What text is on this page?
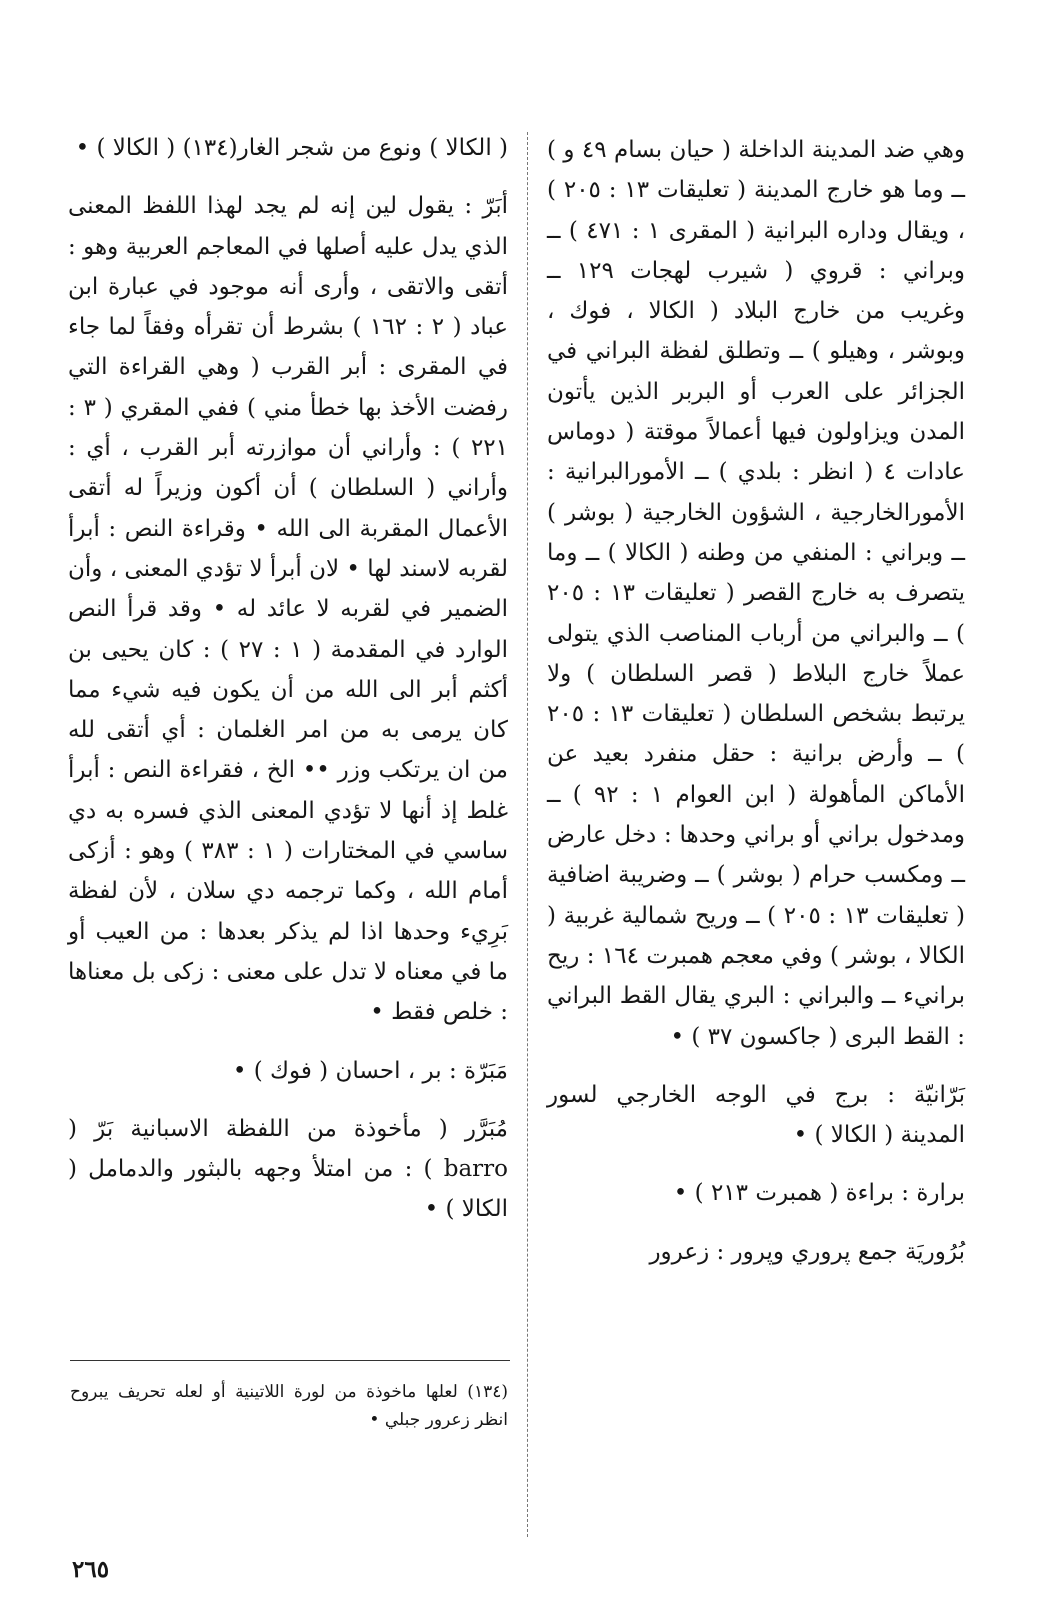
وهي ضد المدينة الداخلة ( حيان بسام ٤٩ و ) ــ وما هو خارج المدينة ( تعليقات ١٣ : ٢٠٥ ) ، ويقال وداره البرانية ( المقرى ١ : ٤٧١ ) ــ وبراني : قروي ( شيرب لهجات ١٢٩ ــ وغريب من خارج البلاد ( الكالا ، فوك ، وبوشر ، وهيلو ) ــ وتطلق لفظة البراني في الجزائر على العرب أو البربر الذين يأتون المدن ويزاولون فيها أعمالاً موقتة ( دوماس عادات ٤ ( انظر : بلدي ) ــ الأمورالبرانية : الأمورالخارجية ، الشؤون الخارجية ( بوشر ) ــ وبراني : المنفي من وطنه ( الكالا ) ــ وما يتصرف به خارج القصر ( تعليقات ١٣ : ٢٠٥ ) ــ والبراني من أرباب المناصب الذي يتولى عملاً خارج البلاط ( قصر السلطان ) ولا يرتبط بشخص السلطان ( تعليقات ١٣ : ٢٠٥ ) ــ وأرض برانية : حقل منفرد بعيد عن الأماكن المأهولة ( ابن العوام ١ : ٩٢ ) ــ ومدخول براني أو براني وحدها : دخل عارض ــ ومكسب حرام ( بوشر ) ــ وضريبة اضافية ( تعليقات ١٣ : ٢٠٥ ) ــ وريح شمالية غربية ( الكالا ، بوشر ) وفي معجم همبرت ١٦٤ : ريح برانيء ــ والبراني : البري يقال القط البراني : القط البرى ( جاكسون ٣٧ ) •

بَرّانيّة : برج في الوجه الخارجي لسور المدينة ( الكالا ) •

برارة : براءة ( همبرت ٢١٣ ) •

بُرُوريَة جمع پروري وپرور : زعرور

( الكالا ) ونوع من شجر الغار(١٣٤) ( الكالا ) •

أبَرّ : يقول لين إنه لم يجد لهذا اللفظ المعنى الذي يدل عليه أصلها في المعاجم العربية وهو : أتقى والاتقى ، وأرى أنه موجود في عبارة ابن عباد ( ٢ : ١٦٢ ) بشرط أن تقرأه وفقاً لما جاء في المقرى : أبر القرب ( وهي القراءة التي رفضت الأخذ بها خطأ مني ) ففي المقري ( ٣ : ٢٢١ ) : وأراني أن موازرته أبر القرب ، أي : وأراني ( السلطان ) أن أكون وزيراً له أتقى الأعمال المقربة الى الله • وقراءة النص : أبرأ لقربه لاسند لها • لان أبرأ لا تؤدي المعنى ، وأن الضمير في لقربه لا عائد له • وقد قرأ النص الوارد في المقدمة ( ١ : ٢٧ ) : كان يحيى بن أكثم أبر الى الله من أن يكون فيه شيء مما كان يرمى به من امر الغلمان : أي أتقى لله من ان يرتكب وزر •• الخ ، فقراءة النص : أبرأ غلط إذ أنها لا تؤدي المعنى الذي فسره به دي ساسي في المختارات ( ١ : ٣٨٣ ) وهو : أزكى أمام الله ، وكما ترجمه دي سلان ، لأن لفظة بَرِيء وحدها اذا لم يذكر بعدها : من العيب أو ما في معناه لا تدل على معنى : زكى بل معناها : خلص فقط •

مَبَرّة : بر ، احسان ( فوك ) •

مُبَرَّر ( مأخوذة من اللفظة الاسبانية بَرّ ( barro ) : من امتلأ وجهه بالبثور والدمامل ( الكالا ) •

(١٣٤) لعلها ماخوذة من لورة اللاتينية أو لعله تحريف يبروح انظر زعرور جبلي •
٢٦٥
